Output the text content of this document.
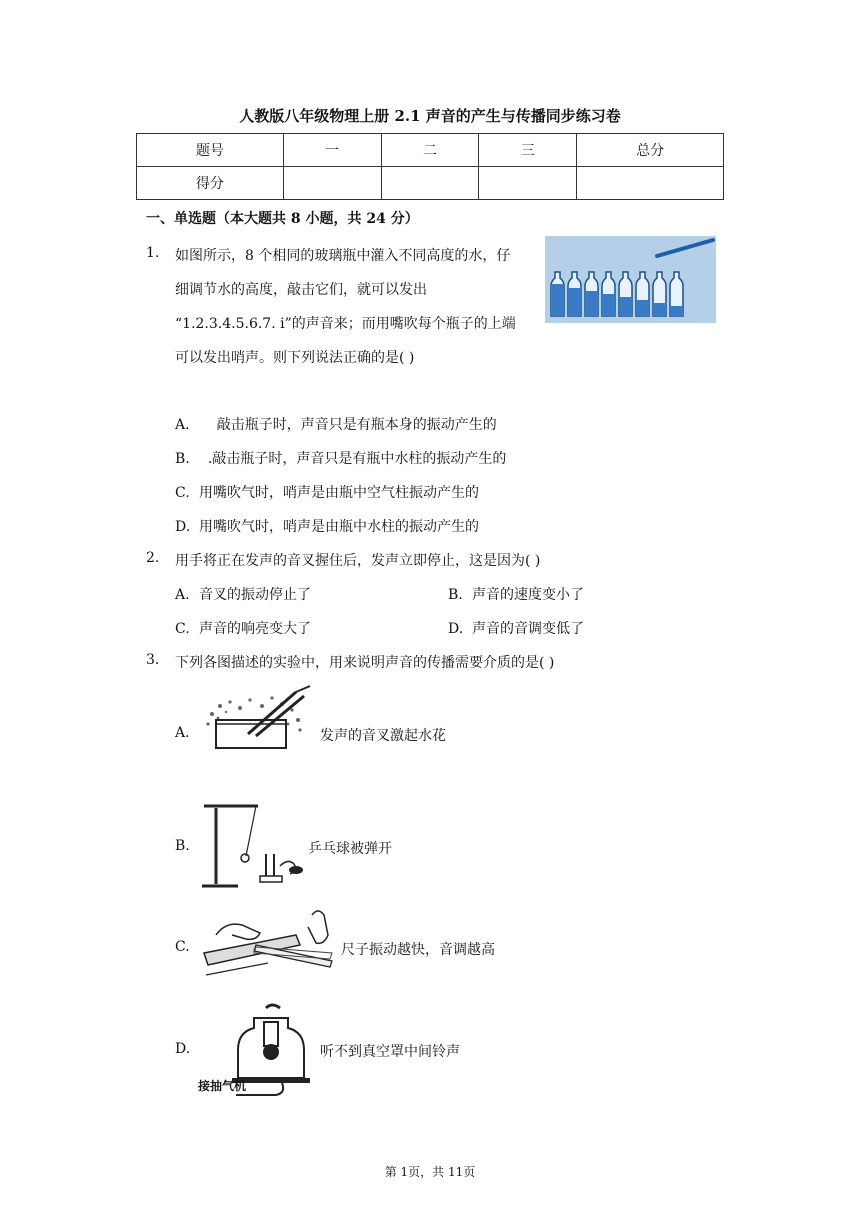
人教版八年级物理上册 2.1 声音的产生与传播同步练习卷
题号	一	二	三	总分
得分				
一、单选题（本大题共 8 小题，共 24 分）
1. 如图所示，8 个相同的玻璃瓶中灌入不同高度的水，仔
细调节水的高度，敲击它们，就可以发出
“1.2.3.4.5.6.7. i”的声音来；而用嘴吹每个瓶子的上端
可以发出哨声。则下列说法正确的是( )
A.    敲击瓶子时，声音只是有瓶本身的振动产生的
B.  .敲击瓶子时，声音只是有瓶中水柱的振动产生的
C. 用嘴吹气时，哨声是由瓶中空气柱振动产生的
D. 用嘴吹气时，哨声是由瓶中水柱的振动产生的
2. 用手将正在发声的音叉握住后，发声立即停止，这是因为( )
A. 音叉的振动停止了	B. 声音的速度变小了
C. 声音的响亮变大了	D. 声音的音调变低了
3. 下列各图描述的实验中，用来说明声音的传播需要介质的是( )
A.	发声的音叉激起水花
B.	乒乓球被弹开
C.	尺子振动越快，音调越高
D.
接抽气机
听不到真空罩中间铃声
第 1页，共 11页
